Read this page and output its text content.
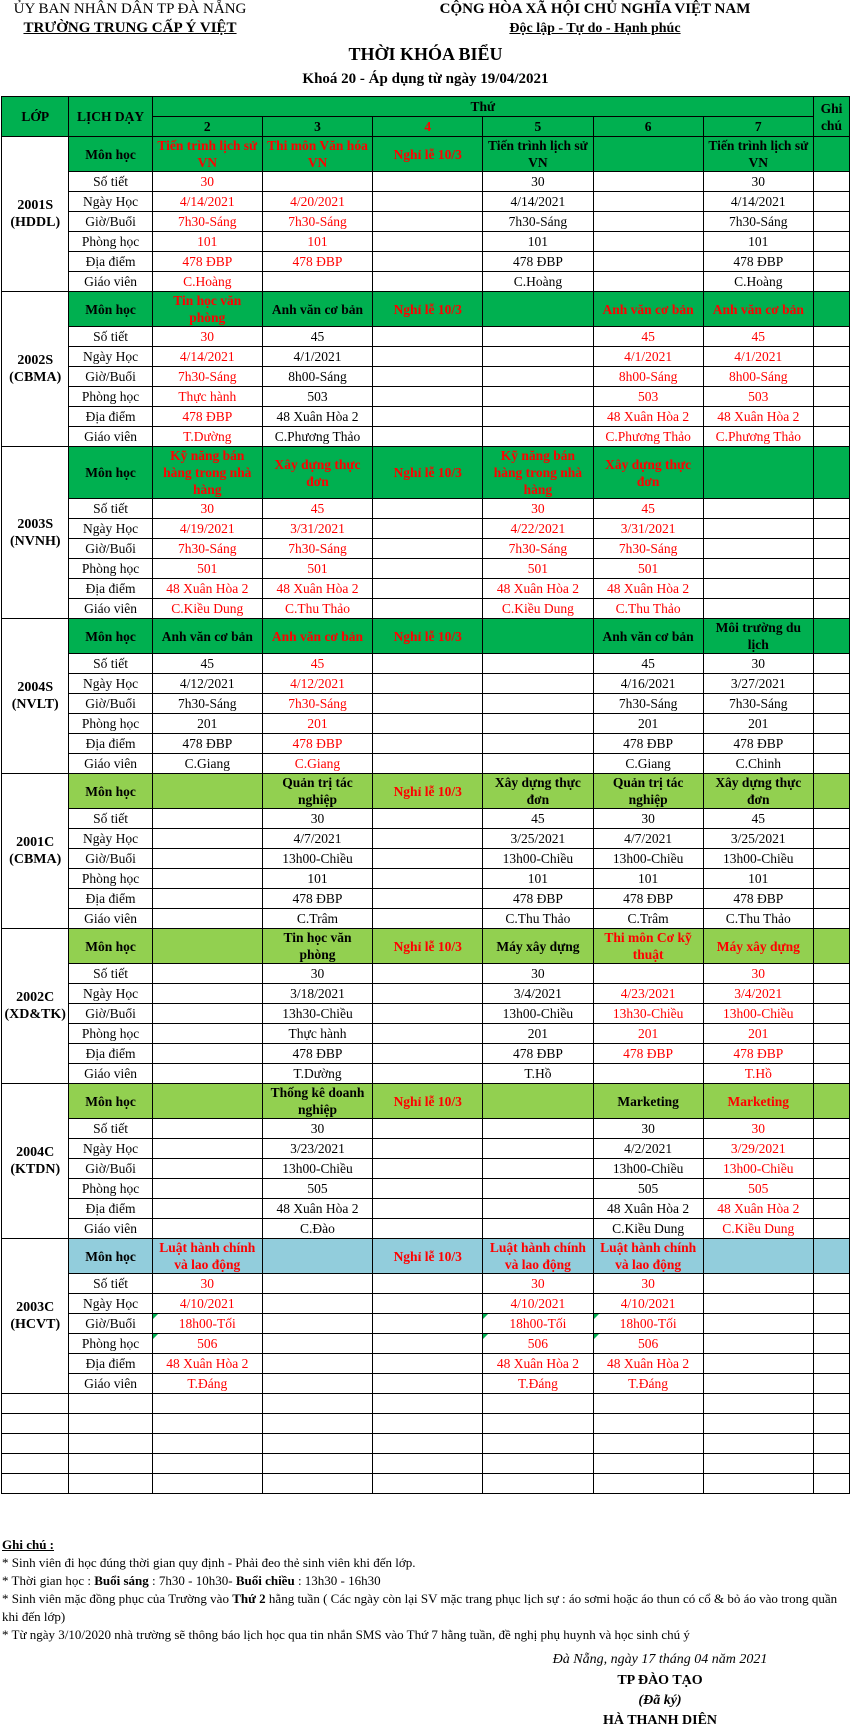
ỦY BAN NHÂN DÂN TP ĐÀ NẴNG
TRƯỜNG TRUNG CẤP Ý VIỆT
CỘNG HÒA XÃ HỘI CHỦ NGHĨA VIỆT NAM
Độc lập - Tự do - Hạnh phúc
THỜI KHÓA BIỂU
Khoá 20 - Áp dụng từ ngày 19/04/2021
LỚP	LỊCH DẠY	Thứ						Ghi chú
		2	3	4	5	6	7	
2001S (HDDL)	Môn học	Tiến trình lịch sử VN	Thi môn Văn hóa VN	Nghỉ lễ 10/3	Tiến trình lịch sử VN		Tiến trình lịch sử VN	
	Số tiết	30			30		30	
	Ngày Học	4/14/2021	4/20/2021		4/14/2021		4/14/2021	
	Giờ/Buổi	7h30-Sáng	7h30-Sáng		7h30-Sáng		7h30-Sáng	
	Phòng học	101	101		101		101	
	Địa điểm	478 ĐBP	478 ĐBP		478 ĐBP		478 ĐBP	
	Giáo viên	C.Hoàng			C.Hoàng		C.Hoàng	
2002S (CBMA)	Môn học	Tin học văn phòng	Anh văn cơ bản	Nghỉ lễ 10/3		Anh văn cơ bản	Anh văn cơ bản	
	Số tiết	30	45			45	45	
	Ngày Học	4/14/2021	4/1/2021			4/1/2021	4/1/2021	
	Giờ/Buổi	7h30-Sáng	8h00-Sáng			8h00-Sáng	8h00-Sáng	
	Phòng học	Thực hành	503			503	503	
	Địa điểm	478 ĐBP	48 Xuân Hòa 2			48 Xuân Hòa 2	48 Xuân Hòa 2	
	Giáo viên	T.Dường	C.Phương Thảo			C.Phương Thảo	C.Phương Thảo	
2003S (NVNH)	Môn học	Kỹ năng bán hàng trong nhà hàng	Xây dựng thực đơn	Nghỉ lễ 10/3	Kỹ năng bán hàng trong nhà hàng	Xây dựng thực đơn		
	Số tiết	30	45		30	45		
	Ngày Học	4/19/2021	3/31/2021		4/22/2021	3/31/2021		
	Giờ/Buổi	7h30-Sáng	7h30-Sáng		7h30-Sáng	7h30-Sáng		
	Phòng học	501	501		501	501		
	Địa điểm	48 Xuân Hòa 2	48 Xuân Hòa 2		48 Xuân Hòa 2	48 Xuân Hòa 2		
	Giáo viên	C.Kiều Dung	C.Thu Thảo		C.Kiều Dung	C.Thu Thảo		
2004S (NVLT)	Môn học	Anh văn cơ bản	Anh văn cơ bản	Nghỉ lễ 10/3		Anh văn cơ bản	Môi trường du lịch	
	Số tiết	45	45			45	30	
	Ngày Học	4/12/2021	4/12/2021			4/16/2021	3/27/2021	
	Giờ/Buổi	7h30-Sáng	7h30-Sáng			7h30-Sáng	7h30-Sáng	
	Phòng học	201	201			201	201	
	Địa điểm	478 ĐBP	478 ĐBP			478 ĐBP	478 ĐBP	
	Giáo viên	C.Giang	C.Giang			C.Giang	C.Chinh	
2001C (CBMA)	Môn học		Quản trị tác nghiệp	Nghỉ lễ 10/3	Xây dựng thực đơn	Quản trị tác nghiệp	Xây dựng thực đơn	
	Số tiết		30		45	30	45	
	Ngày Học		4/7/2021		3/25/2021	4/7/2021	3/25/2021	
	Giờ/Buổi		13h00-Chiều		13h00-Chiều	13h00-Chiều	13h00-Chiều	
	Phòng học		101		101	101	101	
	Địa điểm		478 ĐBP		478 ĐBP	478 ĐBP	478 ĐBP	
	Giáo viên		C.Trâm		C.Thu Thảo	C.Trâm	C.Thu Thảo	
2002C (XD&TK)	Môn học		Tin học văn phòng	Nghỉ lễ 10/3	Máy xây dựng	Thi môn Cơ kỹ thuật	Máy xây dựng	
	Số tiết		30		30		30	
	Ngày Học		3/18/2021		3/4/2021	4/23/2021	3/4/2021	
	Giờ/Buổi		13h30-Chiều		13h00-Chiều	13h30-Chiều	13h00-Chiều	
	Phòng học		Thực hành		201	201	201	
	Địa điểm		478 ĐBP		478 ĐBP	478 ĐBP	478 ĐBP	
	Giáo viên		T.Dường		T.Hồ		T.Hồ	
2004C (KTDN)	Môn học		Thống kê doanh nghiệp	Nghỉ lễ 10/3		Marketing	Marketing	
	Số tiết		30			30	30	
	Ngày Học		3/23/2021			4/2/2021	3/29/2021	
	Giờ/Buổi		13h00-Chiều			13h00-Chiều	13h00-Chiều	
	Phòng học		505			505	505	
	Địa điểm		48 Xuân Hòa 2			48 Xuân Hòa 2	48 Xuân Hòa 2	
	Giáo viên		C.Đào			C.Kiều Dung	C.Kiều Dung	
2003C (HCVT)	Môn học	Luật hành chính và lao động		Nghỉ lễ 10/3	Luật hành chính và lao động	Luật hành chính và lao động		
	Số tiết	30			30	30		
	Ngày Học	4/10/2021			4/10/2021	4/10/2021		
	Giờ/Buổi	18h00-Tối			18h00-Tối	18h00-Tối		
	Phòng học	506			506	506		
	Địa điểm	48 Xuân Hòa 2			48 Xuân Hòa 2	48 Xuân Hòa 2		
	Giáo viên	T.Đáng			T.Đáng	T.Đáng		

Ghi chú :
* Sinh viên đi học đúng thời gian quy định - Phải đeo thẻ sinh viên khi đến lớp.
* Thời gian học : Buổi sáng : 7h30 - 10h30- Buổi chiều : 13h30 - 16h30
* Sinh viên mặc đồng phục của Trường vào Thứ 2 hằng tuần ( Các ngày còn lại SV mặc trang phục lịch sự : áo sơmi hoặc áo thun có cổ & bỏ áo vào trong quần khi đến lớp)
* Từ ngày 3/10/2020 nhà trường sẽ thông báo lịch học qua tin nhắn SMS vào Thứ 7 hằng tuần, đề nghị phụ huynh và học sinh chú ý
Đà Nẵng, ngày 17 tháng 04 năm 2021
TP ĐÀO TẠO
(Đã ký)
HÀ THANH DIÊN
